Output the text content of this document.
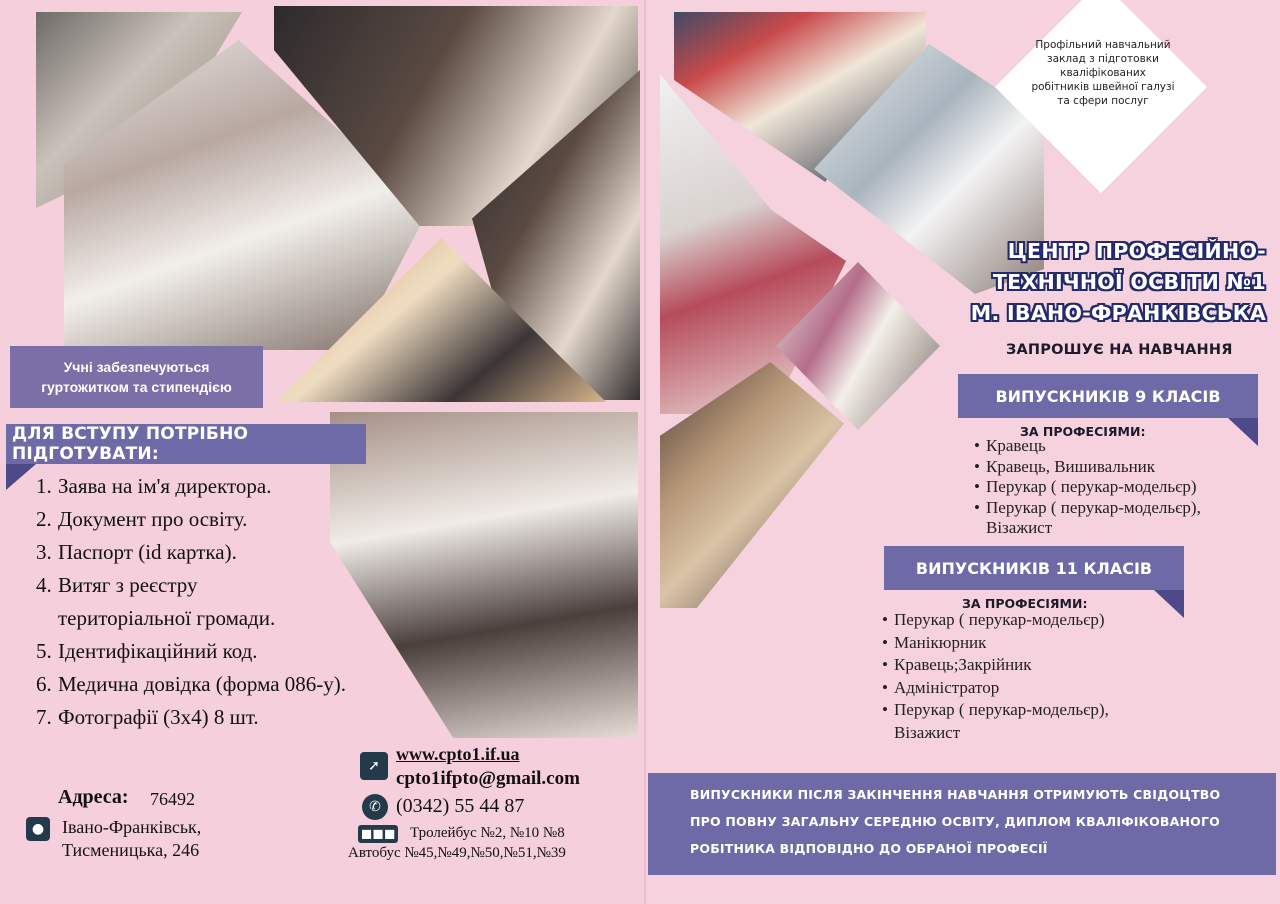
Учні забезпечуються гуртожитком та стипендією
ДЛЯ ВСТУПУ ПОТРІБНО ПІДГОТУВАТИ:
1. Заява на ім'я директора.
2. Документ про освіту.
3. Паспорт (id картка).
4. Витяг з реєстру
територіальної громади.
5. Ідентифікаційний код.
6. Медична довідка (форма 086-у).
7. Фотографії (3х4) 8 шт.
Адреса: 76492
● Івано-Франківськ,
Тисменицька, 246
➚
www.cpto1.if.ua
cpto1ifpto@gmail.com
✆ (0342) 55 44 87
◼◼◼ Тролейбус №2, №10 №8
Автобус №45,№49,№50,№51,№39
Профільний навчальний заклад з підготовки кваліфікованих робітників швейної галузі та сфери послуг
ЦЕНТР ПРОФЕСІЙНО-
ТЕХНІЧНОЇ ОСВІТИ №1
М. ІВАНО-ФРАНКІВСЬКА
ЗАПРОШУЄ НА НАВЧАННЯ
ВИПУСКНИКІВ 9 КЛАСІВ
ЗА ПРОФЕСІЯМИ:
• Кравець
• Кравець, Вишивальник
• Перукар ( перукар-модельєр)
• Перукар ( перукар-модельєр),
Візажист
ВИПУСКНИКІВ 11 КЛАСІВ
ЗА ПРОФЕСІЯМИ:
• Перукар ( перукар-модельєр)
• Манікюрник
• Кравець;Закрійник
• Адміністратор
• Перукар ( перукар-модельєр),
Візажист
ВИПУСКНИКИ ПІСЛЯ ЗАКІНЧЕННЯ НАВЧАННЯ ОТРИМУЮТЬ СВІДОЦТВО
ПРО ПОВНУ ЗАГАЛЬНУ СЕРЕДНЮ ОСВІТУ, ДИПЛОМ КВАЛІФІКОВАНОГО
РОБІТНИКА ВІДПОВІДНО ДО ОБРАНОЇ ПРОФЕСІЇ
